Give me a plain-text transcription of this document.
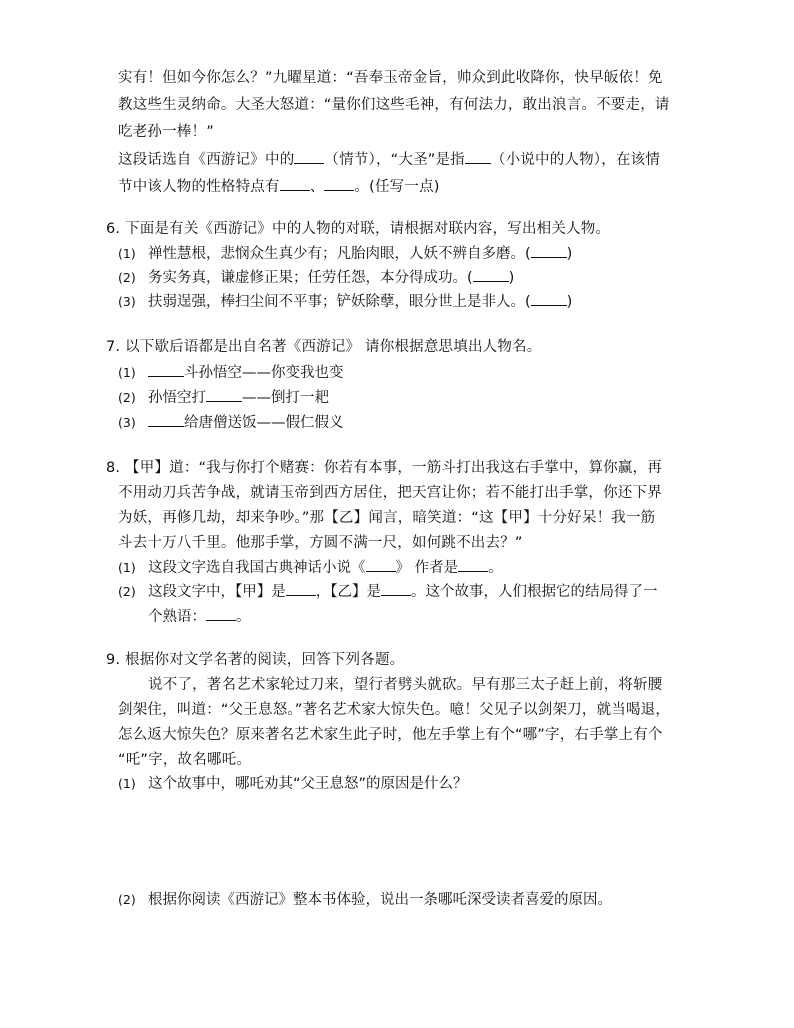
实有！但如今你怎么？”九曜星道：“吾奉玉帝金旨，帅众到此收降你，快早皈依！免
教这些生灵纳命。大圣大怒道：“量你们这些毛神，有何法力，敢出浪言。不要走，请
吃老孙一棒！”
这段话选自《西游记》中的 （情节），“大圣”是指 （小说中的人物），在该情
节中该人物的性格特点有 、 。(任写一点)
6. 下面是有关《西游记》中的人物的对联，请根据对联内容，写出相关人物。
(1) 禅性慧根，悲悯众生真少有；凡胎肉眼，人妖不辨自多磨。( )
(2) 务实务真，谦虚修正果；任劳任怨，本分得成功。( )
(3) 扶弱逞强，棒扫尘间不平事；铲妖除孽，眼分世上是非人。( )
7. 以下歇后语都是出自名著《西游记》 请你根据意思填出人物名。
(1)	斗孙悟空——你变我也变
(2) 孙悟空打 ——倒打一耙
(3)	给唐僧送饭——假仁假义
8. 【甲】道：“我与你打个赌赛：你若有本事，一筋斗打出我这右手掌中，算你赢，再
不用动刀兵苦争战，就请玉帝到西方居住，把天宫让你；若不能打出手掌，你还下界
为妖，再修几劫，却来争吵。”那【乙】闻言，暗笑道：“这【甲】十分好呆！我一筋
斗去十万八千里。他那手掌，方圆不满一尺，如何跳不出去？”
(1) 这段文字选自我国古典神话小说《 》 作者是 。
(2) 这段文字中，【甲】是 ，【乙】是 。这个故事，人们根据它的结局得了一
个熟语： 。
9. 根据你对文学名著的阅读，回答下列各题。
说不了，著名艺术家轮过刀来，望行者劈头就砍。早有那三太子赶上前，将斩腰
剑架住，叫道：“父王息怒。”著名艺术家大惊失色。噫！父见子以剑架刀，就当喝退，
怎么返大惊失色？原来著名艺术家生此子时，他左手掌上有个“哪”字，右手掌上有个
“吒”字，故名哪吒。
(1) 这个故事中，哪吒劝其“父王息怒”的原因是什么？
(2) 根据你阅读《西游记》整本书体验，说出一条哪吒深受读者喜爱的原因。
